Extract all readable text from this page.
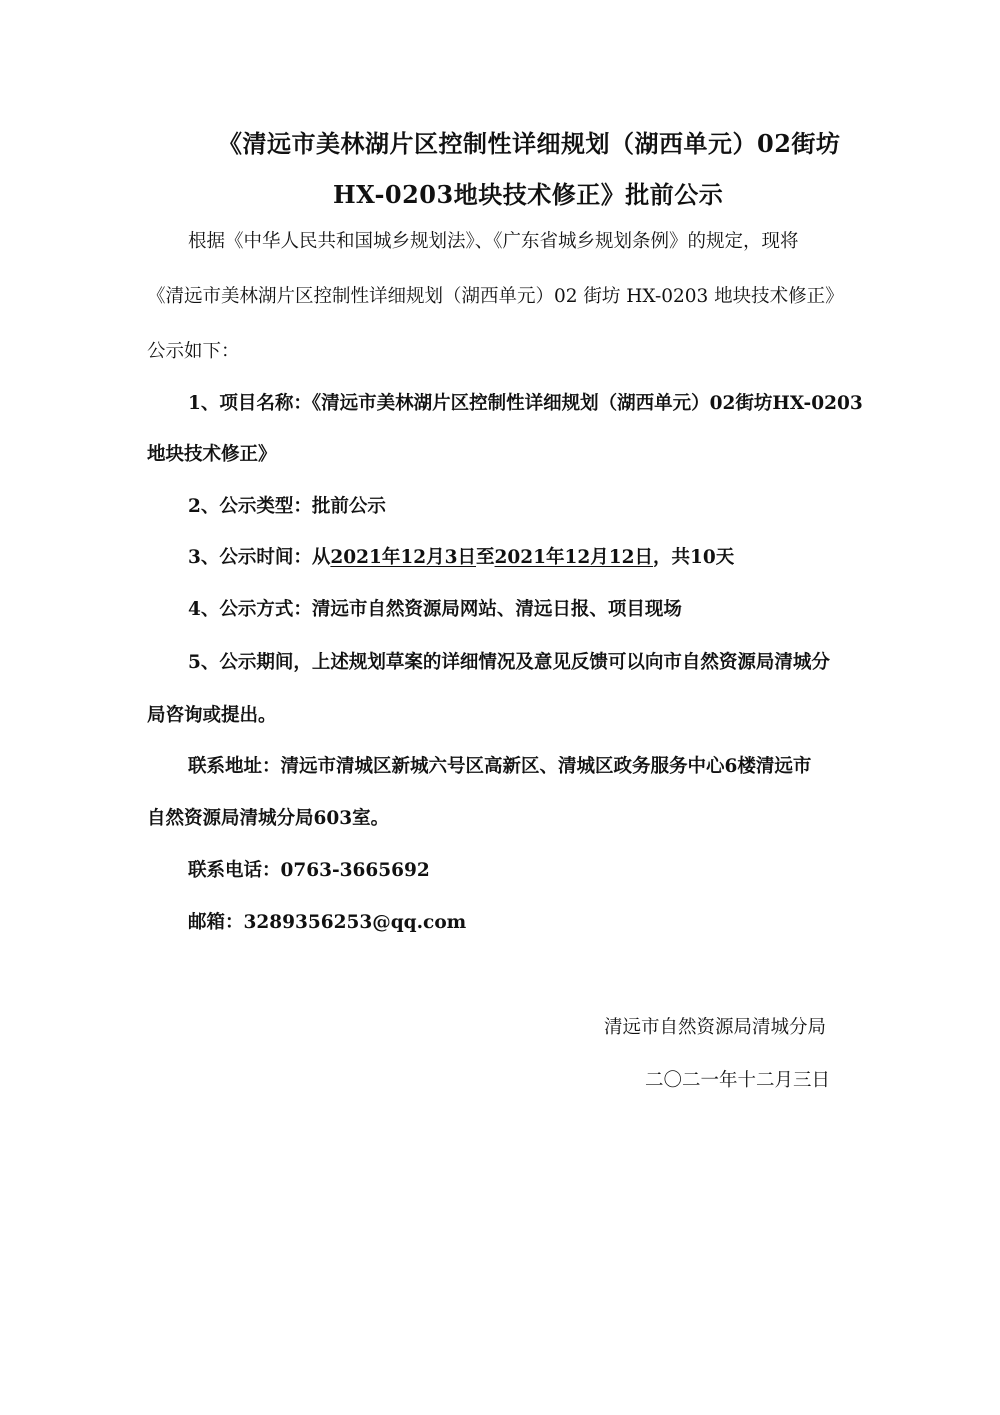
《清远市美林湖片区控制性详细规划（湖西单元）02街坊
HX-0203地块技术修正》批前公示
根据《中华人民共和国城乡规划法》、《广东省城乡规划条例》的规定，现将
《清远市美林湖片区控制性详细规划（湖西单元）02 街坊 HX-0203 地块技术修正》
公示如下：
1、项目名称：《清远市美林湖片区控制性详细规划（湖西单元）02街坊HX-0203
地块技术修正》
2、公示类型：批前公示
3、公示时间：从2021年12月3日至2021年12月12日，共10天
4、公示方式：清远市自然资源局网站、清远日报、项目现场
5、公示期间，上述规划草案的详细情况及意见反馈可以向市自然资源局清城分
局咨询或提出。
联系地址：清远市清城区新城六号区高新区、清城区政务服务中心6楼清远市
自然资源局清城分局603室。
联系电话：0763-3665692
邮箱：3289356253@qq.com
清远市自然资源局清城分局
二〇二一年十二月三日
